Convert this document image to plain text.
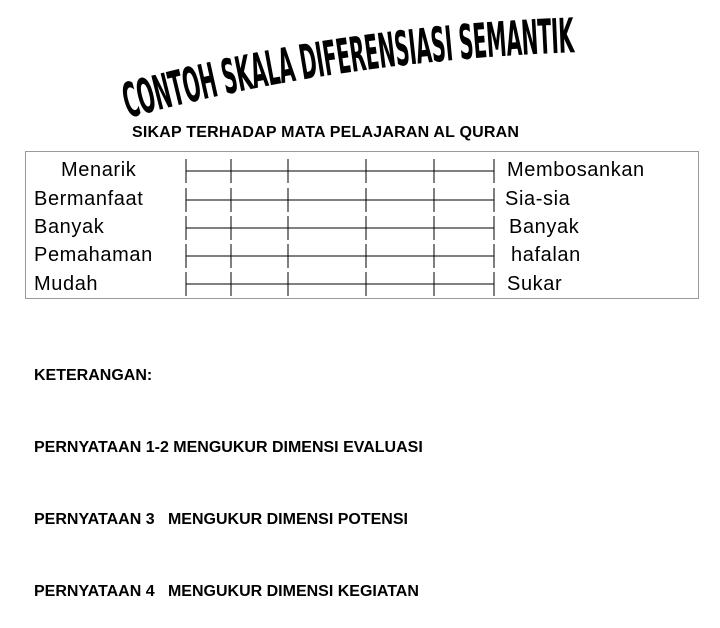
CONTOH SKALA DIFERENSIASI SEMANTIK
SIKAP TERHADAP MATA PELAJARAN AL QURAN
Menarik	Membosankan
Bermanfaat	Sia-sia
Banyak	Banyak
Pemahaman	hafalan
Mudah	Sukar

KETERANGAN:

PERNYATAAN 1-2 MENGUKUR DIMENSI EVALUASI

PERNYATAAN 3   MENGUKUR DIMENSI POTENSI

PERNYATAAN 4   MENGUKUR DIMENSI KEGIATAN
